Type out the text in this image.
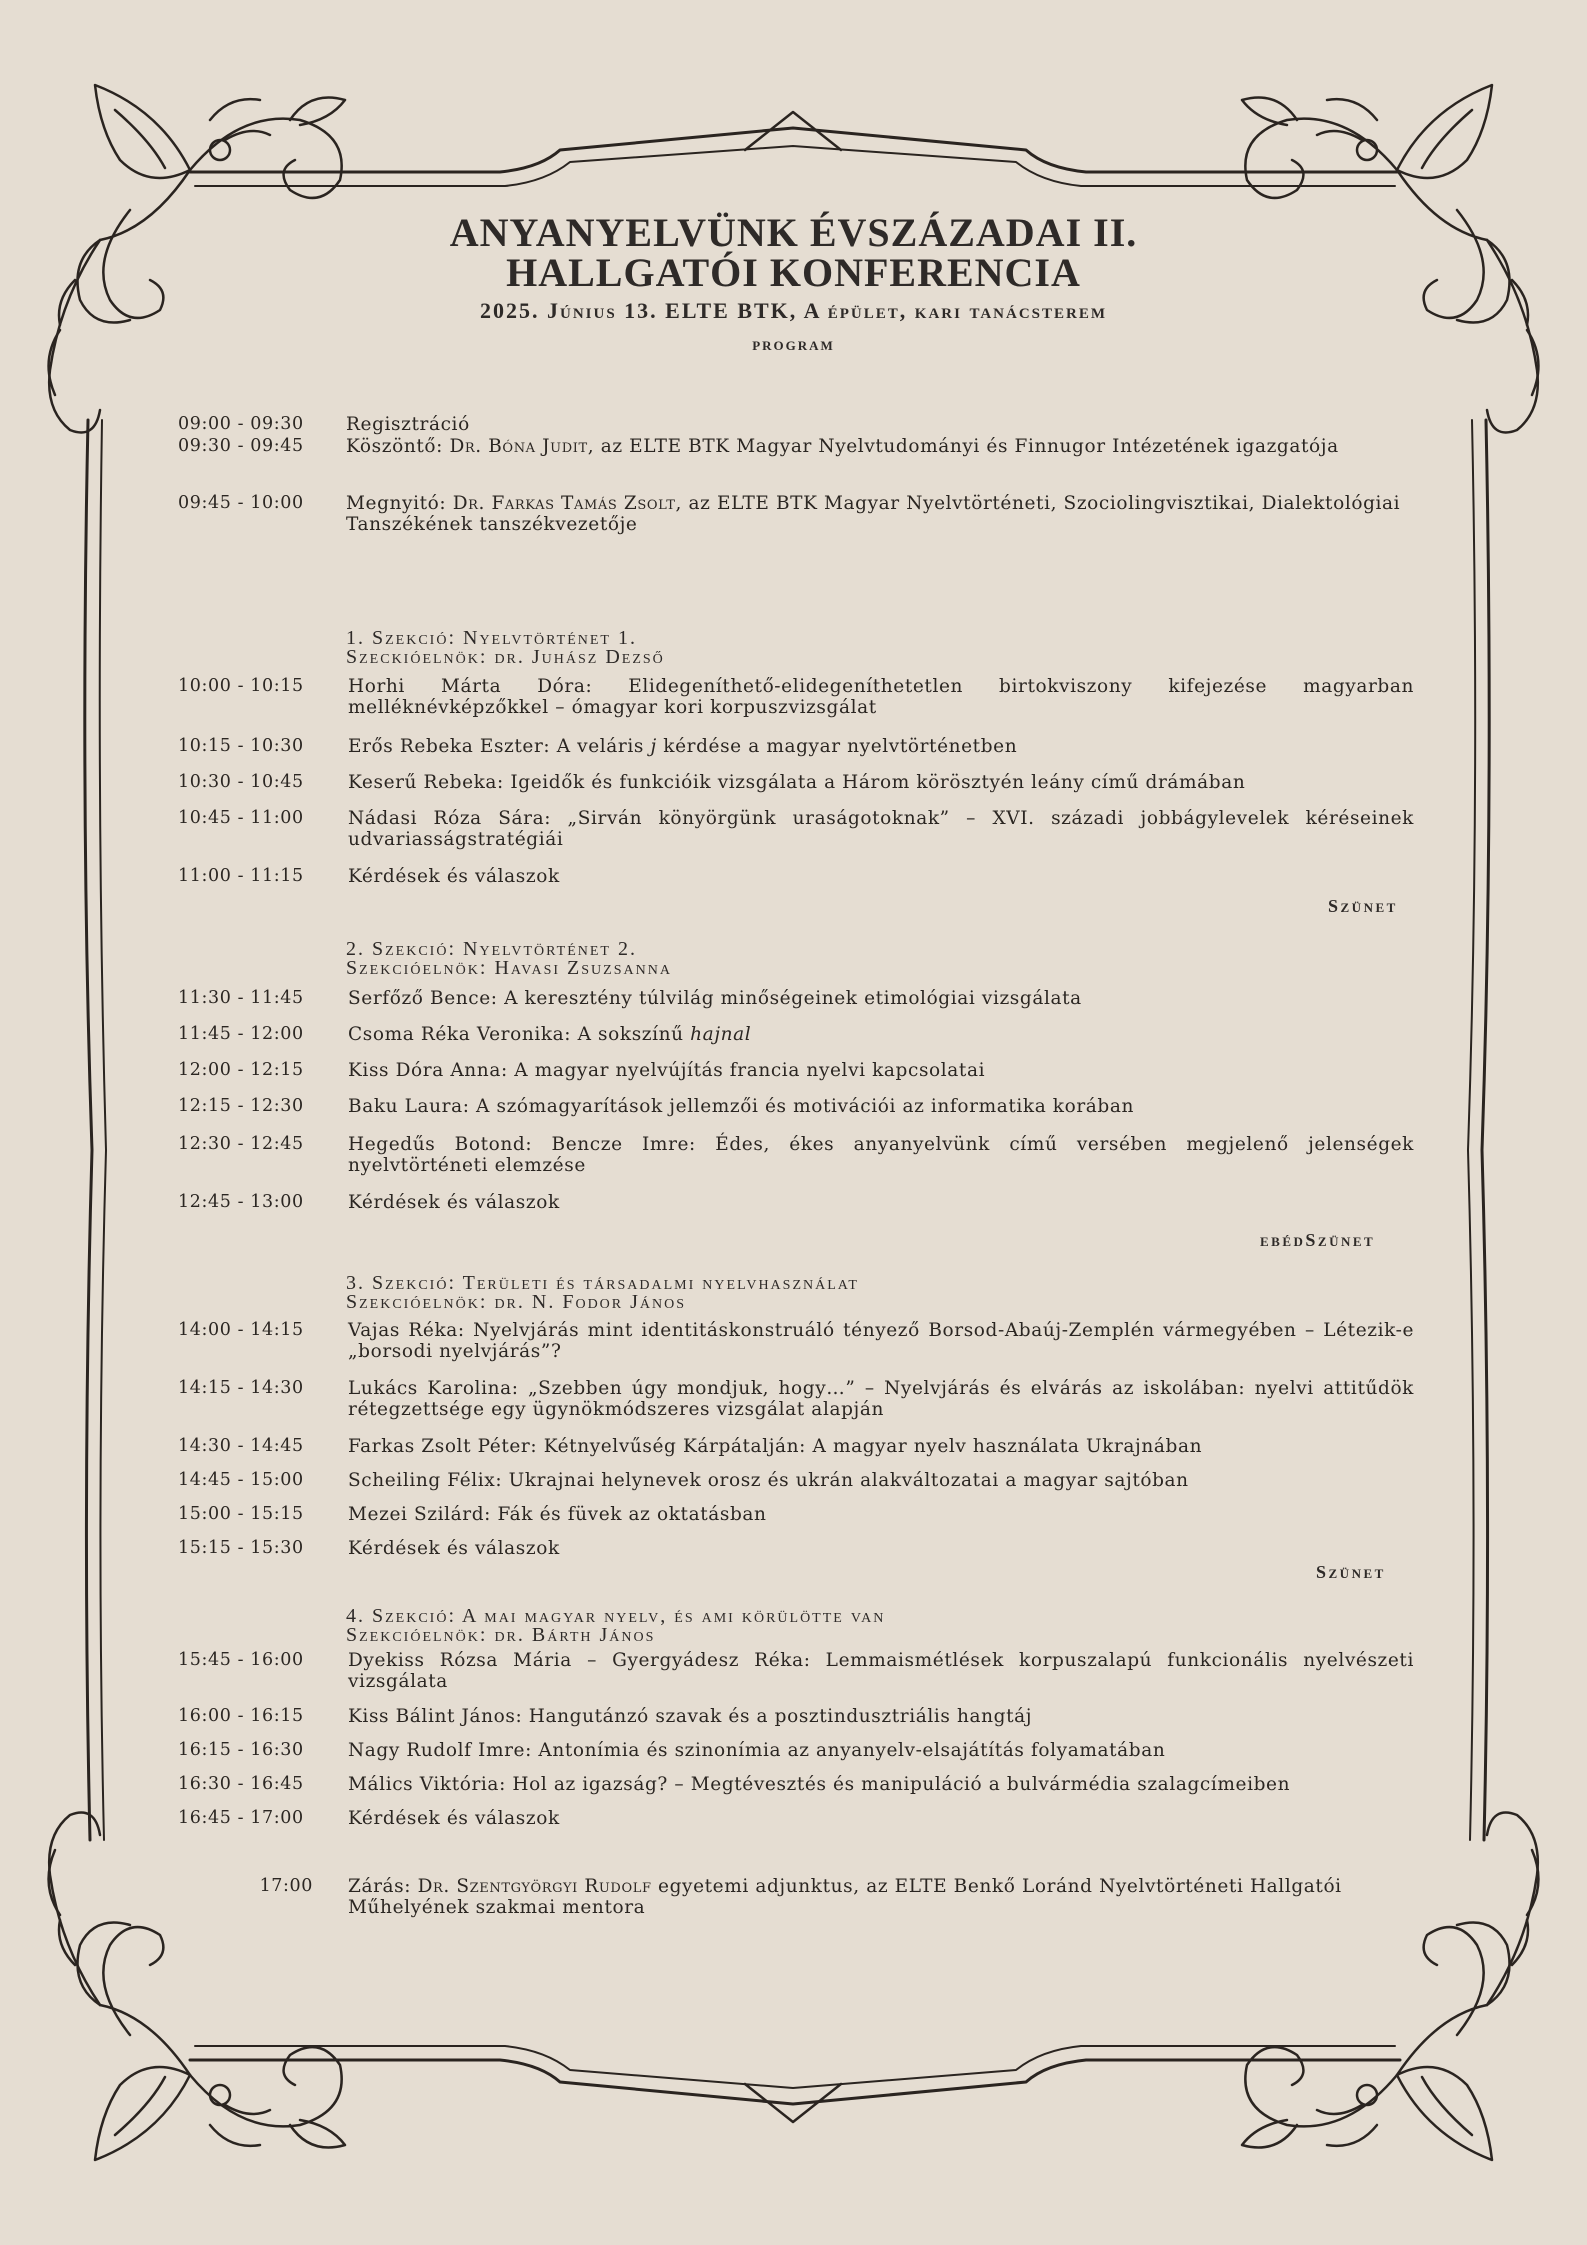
ANYANYELVÜNK ÉVSZÁZADAI II.
HALLGATÓI KONFERENCIA
2025. Június 13. ELTE BTK, A épület, kari tanácsterem
program
09:00 - 09:30	Regisztráció
09:30 - 09:45	Köszöntő: Dr. Bóna Judit, az ELTE BTK Magyar Nyelvtudományi és Finnugor Intézetének igazgatója
09:45 - 10:00	Megnyitó: Dr. Farkas Tamás Zsolt, az ELTE BTK Magyar Nyelvtörténeti, Szociolingvisztikai, Dialektológiai Tanszékének tanszékvezetője
1. Szekció: Nyelvtörténet 1.
Szeckióelnök: dr. Juhász Dezső
10:00 - 10:15	Horhi Márta Dóra: Elidegeníthető-elidegeníthetetlen birtokviszony kifejezése magyarban melléknévképzőkkel – ómagyar kori korpuszvizsgálat
10:15 - 10:30	Erős Rebeka Eszter: A veláris j kérdése a magyar nyelvtörténetben
10:30 - 10:45	Keserű Rebeka: Igeidők és funkcióik vizsgálata a Három körösztyén leány című drámában
10:45 - 11:00	Nádasi Róza Sára: „Sirván könyörgünk uraságotoknak” – XVI. századi jobbágylevelek kéréseinek udvariasságstratégiái
11:00 - 11:15	Kérdések és válaszok
Szünet
2. Szekció: Nyelvtörténet 2.
Szekcióelnök: Havasi Zsuzsanna
11:30 - 11:45	Serfőző Bence: A keresztény túlvilág minőségeinek etimológiai vizsgálata
11:45 - 12:00	Csoma Réka Veronika: A sokszínű hajnal
12:00 - 12:15	Kiss Dóra Anna: A magyar nyelvújítás francia nyelvi kapcsolatai
12:15 - 12:30	Baku Laura: A szómagyarítások jellemzői és motivációi az informatika korában
12:30 - 12:45	Hegedűs Botond: Bencze Imre: Édes, ékes anyanyelvünk című versében megjelenő jelenségek nyelvtörténeti elemzése
12:45 - 13:00	Kérdések és válaszok
ebédSzünet
3. Szekció: Területi és társadalmi nyelvhasználat
Szekcióelnök: dr. N. Fodor János
14:00 - 14:15	Vajas Réka: Nyelvjárás mint identitáskonstruáló tényező Borsod-Abaúj-Zemplén vármegyében – Létezik-e „borsodi nyelvjárás”?
14:15 - 14:30	Lukács Karolina: „Szebben úgy mondjuk, hogy…” – Nyelvjárás és elvárás az iskolában: nyelvi attitűdök rétegzettsége egy ügynökmódszeres vizsgálat alapján
14:30 - 14:45	Farkas Zsolt Péter: Kétnyelvűség Kárpátalján: A magyar nyelv használata Ukrajnában
14:45 - 15:00	Scheiling Félix: Ukrajnai helynevek orosz és ukrán alakváltozatai a magyar sajtóban
15:00 - 15:15	Mezei Szilárd: Fák és füvek az oktatásban
15:15 - 15:30	Kérdések és válaszok
Szünet
4. Szekció: A mai magyar nyelv, és ami körülötte van
Szekcióelnök: dr. Bárth János
15:45 - 16:00	Dyekiss Rózsa Mária – Gyergyádesz Réka: Lemmaismétlések korpuszalapú funkcionális nyelvészeti vizsgálata
16:00 - 16:15	Kiss Bálint János: Hangutánzó szavak és a posztindusztriális hangtáj
16:15 - 16:30	Nagy Rudolf Imre: Antonímia és szinonímia az anyanyelv-elsajátítás folyamatában
16:30 - 16:45	Málics Viktória: Hol az igazság? – Megtévesztés és manipuláció a bulvármédia szalagcímeiben
16:45 - 17:00	Kérdések és válaszok
17:00 Zárás: Dr. Szentgyörgyi Rudolf egyetemi adjunktus, az ELTE Benkő Loránd Nyelvtörténeti Hallgatói Műhelyének szakmai mentora
